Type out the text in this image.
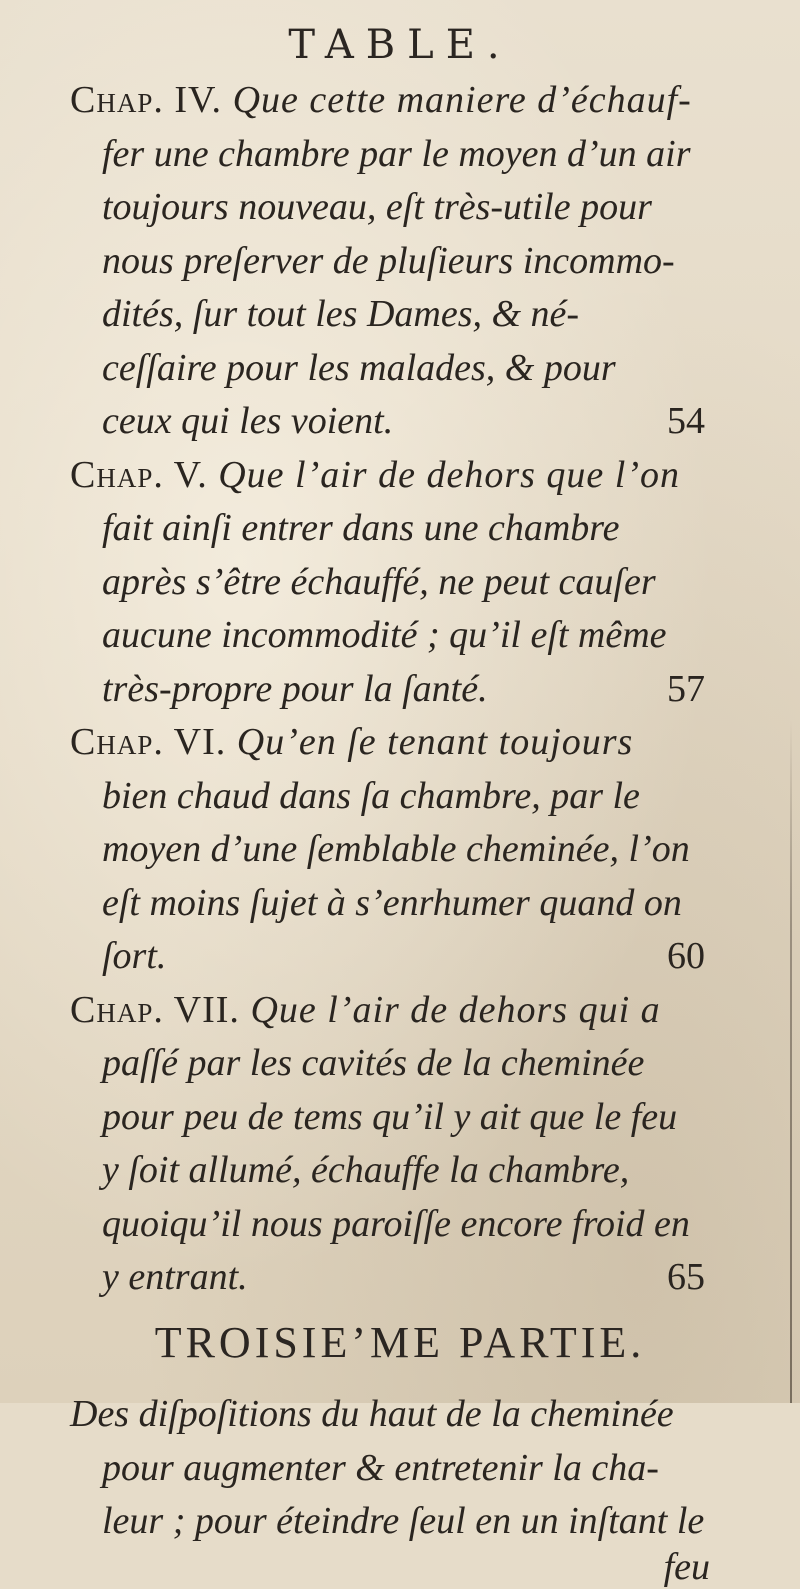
TABLE.
Chap. IV. Que cette maniere d’échauf-
fer une chambre par le moyen d’un air
toujours nouveau, eſt très-utile pour
nous preſerver de pluſieurs incommo-
dités, ſur tout les Dames, & né-
ceſſaire pour les malades, & pour
ceux qui les voient.	54
Chap. V. Que l’air de dehors que l’on
fait ainſi entrer dans une chambre
après s’être échauffé, ne peut cauſer
aucune incommodité ; qu’il eſt même
très-propre pour la ſanté.	57
Chap. VI. Qu’en ſe tenant toujours
bien chaud dans ſa chambre, par le
moyen d’une ſemblable cheminée, l’on
eſt moins ſujet à s’enrhumer quand on
ſort.	60
Chap. VII. Que l’air de dehors qui a
paſſé par les cavités de la cheminée
pour peu de tems qu’il y ait que le feu
y ſoit allumé, échauffe la chambre,
quoiqu’il nous paroiſſe encore froid en
y entrant.	65
TROISIE’ME PARTIE.
Des diſpoſitions du haut de la cheminée
pour augmenter & entretenir la cha-
leur ; pour éteindre ſeul en un inſtant le
feu
